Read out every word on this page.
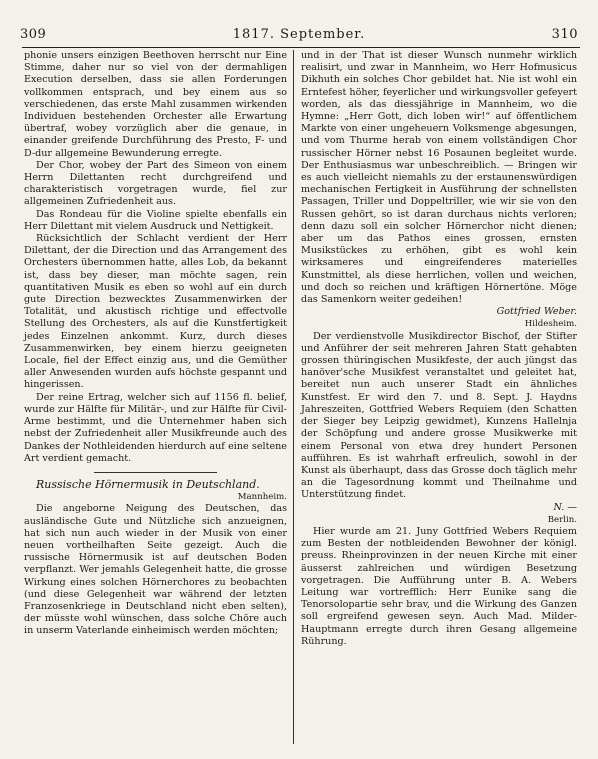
309	1817. September.	310

phonie unsers einzigen Beethoven herrscht nur Eine Stimme, daher nur so viel von der dermahligen Execution derselben, dass sie allen Forderungen vollkommen entsprach, und bey einem aus so verschiedenen, das erste Mahl zusammen wirkenden Individuen bestehenden Orchester alle Erwartung übertraf, wobey vorzüglich aber die genaue, in einander greifende Durchführung des Presto, F- und D-dur allgemeine Bewunderung erregte.

Der Chor, wobey der Part des Simeon von einem Herrn Dilettanten recht durchgreifend und charakteristisch vorgetragen wurde, fiel zur allgemeinen Zufriedenheit aus.

Das Rondeau für die Violine spielte ebenfalls ein Herr Dilettant mit vielem Ausdruck und Nettigkeit.

Rücksichtlich der Schlacht verdient der Herr Dilettant, der die Direction und das Arrangement des Orchesters übernommen hatte, alles Lob, da bekannt ist, dass bey dieser, man möchte sagen, rein quantitativen Musik es eben so wohl auf ein durch gute Direction bezwecktes Zusammenwirken der Totalität, und akustisch richtige und effectvolle Stellung des Orchesters, als auf die Kunstfertigkeit jedes Einzelnen ankommt. Kurz, durch dieses Zusammenwirken, bey einem hierzu geeigneten Locale, fiel der Effect einzig aus, und die Gemüther aller Anwesenden wurden aufs höchste gespannt und hingerissen.

Der reine Ertrag, welcher sich auf 1156 fl. belief, wurde zur Hälfte für Militär-, und zur Hälfte für Civil-Arme bestimmt, und die Unternehmer haben sich nebst der Zufriedenheit aller Musikfreunde auch des Dankes der Nothleidenden hierdurch auf eine seltene Art verdient gemacht.

Russische Hörnermusik in Deutschland.

Mannheim.

Die angeborne Neigung des Deutschen, das ausländische Gute und Nützliche sich anzueignen, hat sich nun auch wieder in der Musik von einer neuen vortheilhaften Seite gezeigt. Auch die russische Hörnermusik ist auf deutschen Boden verpflanzt. Wer jemahls Gelegenheit hatte, die grosse Wirkung eines solchen Hörnerchores zu beobachten (und diese Gelegenheit war während der letzten Franzosenkriege in Deutschland nicht eben selten), der müsste wohl wünschen, dass solche Chöre auch in unserm Vaterlande einheimisch werden möchten;

und in der That ist dieser Wunsch nunmehr wirklich realisirt, und zwar in Mannheim, wo Herr Hofmusicus Dikhuth ein solches Chor gebildet hat. Nie ist wohl ein Erntefest höher, feyerlicher und wirkungsvoller gefeyert worden, als das diessjährige in Mannheim, wo die Hymne: „Herr Gott, dich loben wir!“ auf öffentlichem Markte von einer ungeheuern Volksmenge abgesungen, und vom Thurme herab von einem vollständigen Chor russischer Hörner nebst 16 Posaunen begleitet wurde. Der Enthusiasmus war unbeschreiblich. — Bringen wir es auch vielleicht niemahls zu der erstaunenswürdigen mechanischen Fertigkeit in Ausführung der schnellsten Passagen, Triller und Doppeltriller, wie wir sie von den Russen gehört, so ist daran durchaus nichts verloren; denn dazu soll ein solcher Hörnerchor nicht dienen; aber um das Pathos eines grossen, ernsten Musikstückes zu erhöhen, gibt es wohl kein wirksameres und eingreifenderes materielles Kunstmittel, als diese herrlichen, vollen und weichen, und doch so reichen und kräftigen Hörnertöne. Möge das Samenkorn weiter gedeihen!

Gottfried Weber.

Hildesheim.

Der verdienstvolle Musikdirector Bischof, der Stifter und Anführer der seit mehreren Jahren Statt gehabten grossen thüringischen Musikfeste, der auch jüngst das hanöver'sche Musikfest veranstaltet und geleitet hat, bereitet nun auch unserer Stadt ein ähnliches Kunstfest. Er wird den 7. und 8. Sept. J. Haydns Jahreszeiten, Gottfried Webers Requiem (den Schatten der Sieger bey Leipzig gewidmet), Kunzens Hallelnja der Schöpfung und andere grosse Musikwerke mit einem Personal von etwa drey hundert Personen aufführen. Es ist wahrhaft erfreulich, sowohl in der Kunst als überhaupt, dass das Grosse doch täglich mehr an die Tagesordnung kommt und Theilnahme und Unterstützung findet.

N. —

Berlin.

Hier wurde am 21. Juny Gottfried Webers Requiem zum Besten der notbleidenden Bewohner der königl. preuss. Rheinprovinzen in der neuen Kirche mit einer äusserst zahlreichen und würdigen Besetzung vorgetragen. Die Aufführung unter B. A. Webers Leitung war vortrefflich: Herr Eunike sang die Tenorsolopartie sehr brav, und die Wirkung des Ganzen soll ergreifend gewesen seyn. Auch Mad. Milder-Hauptmann erregte durch ihren Gesang allgemeine Rührung.
